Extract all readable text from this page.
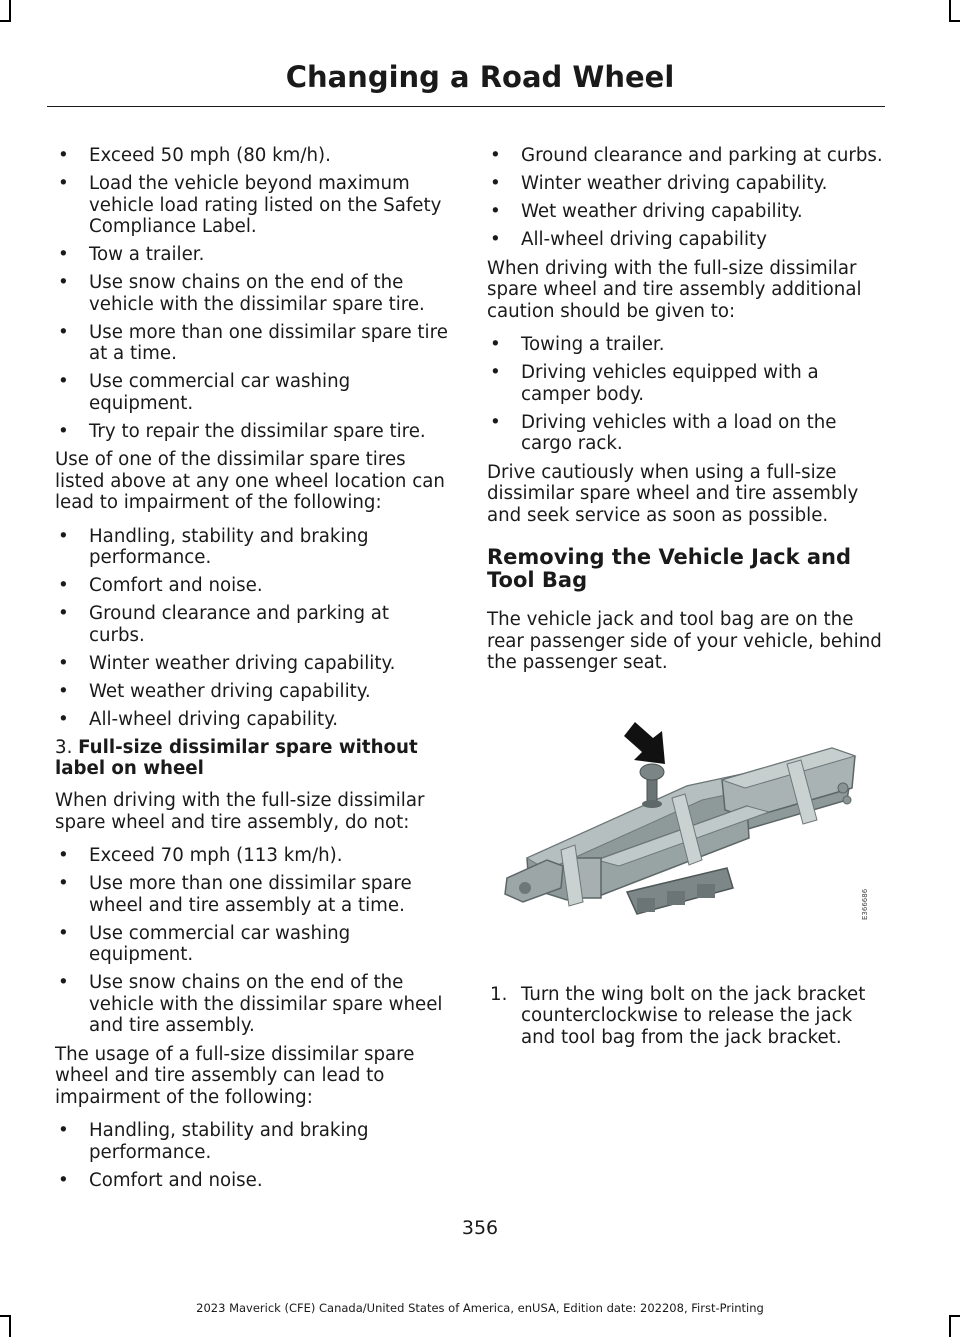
Changing a Road Wheel
• Exceed 50 mph (80 km/h).
• Load the vehicle beyond maximum vehicle load rating listed on the Safety Compliance Label.
• Tow a trailer.
• Use snow chains on the end of the vehicle with the dissimilar spare tire.
• Use more than one dissimilar spare tire at a time.
• Use commercial car washing equipment.
• Try to repair the dissimilar spare tire.

Use of one of the dissimilar spare tires listed above at any one wheel location can lead to impairment of the following:

• Handling, stability and braking performance.
• Comfort and noise.
• Ground clearance and parking at curbs.
• Winter weather driving capability.
• Wet weather driving capability.
• All-wheel driving capability.
3. Full-size dissimilar spare without label on wheel

When driving with the full-size dissimilar spare wheel and tire assembly, do not:

• Exceed 70 mph (113 km/h).
• Use more than one dissimilar spare wheel and tire assembly at a time.
• Use commercial car washing equipment.
• Use snow chains on the end of the vehicle with the dissimilar spare wheel and tire assembly.

The usage of a full-size dissimilar spare wheel and tire assembly can lead to impairment of the following:

• Handling, stability and braking performance.
• Comfort and noise.
• Ground clearance and parking at curbs.
• Winter weather driving capability.
• Wet weather driving capability.
• All-wheel driving capability

When driving with the full-size dissimilar spare wheel and tire assembly additional caution should be given to:

• Towing a trailer.
• Driving vehicles equipped with a camper body.
• Driving vehicles with a load on the cargo rack.

Drive cautiously when using a full-size dissimilar spare wheel and tire assembly and seek service as soon as possible.

Removing the Vehicle Jack and Tool Bag

The vehicle jack and tool bag are on the rear passenger side of your vehicle, behind the passenger seat.

E366686
1. Turn the wing bolt on the jack bracket counterclockwise to release the jack and tool bag from the jack bracket.
356
2023 Maverick (CFE) Canada/United States of America, enUSA, Edition date: 202208, First-Printing
